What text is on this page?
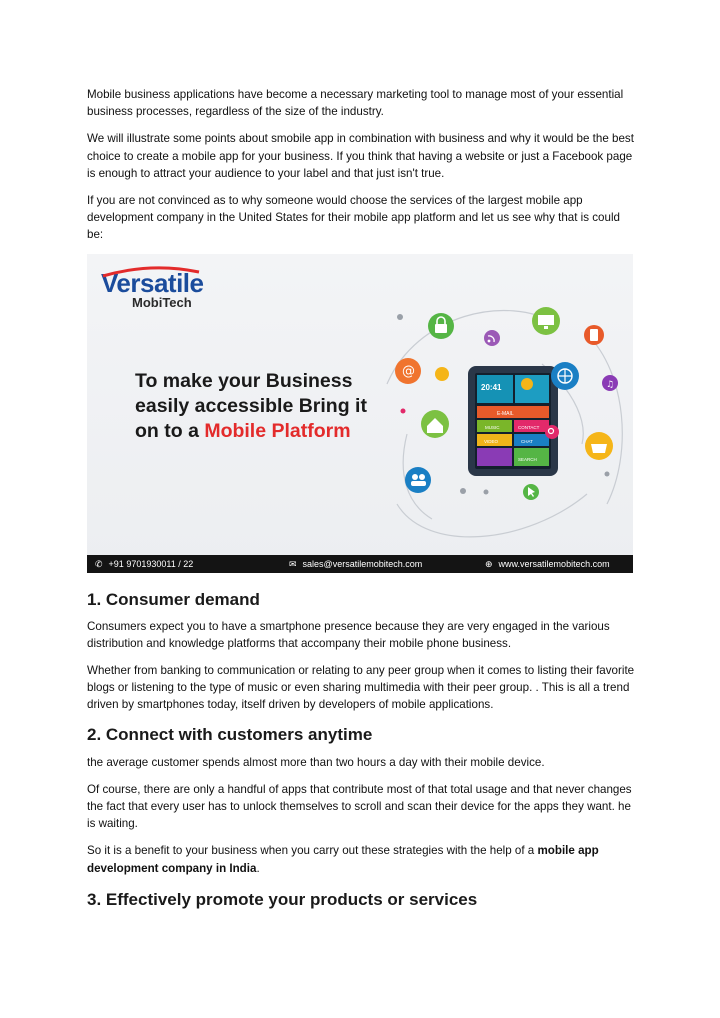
Mobile business applications have become a necessary marketing tool to manage most of your essential business processes, regardless of the size of the industry.

We will illustrate some points about smobile app in combination with business and why it would be the best choice to create a mobile app for your business. If you think that having a website or just a Facebook page is enough to attract your audience to your label and that just isn't true.

If you are not convinced as to why someone would choose the services of the largest mobile app development company in the United States for their mobile app platform and let us see why that is could be:

20:41
E-MAIL
MUSIC	CONTACT
VIDEO	CHAT
SEARCH
@
♫
Versatile
MobiTech
To make your Business
easily accessible Bring it
on to a Mobile Platform
✆ +91 9701930011 / 22	✉ sales@versatilemobitech.com	⊕ www.versatilemobitech.com
1. Consumer demand

Consumers expect you to have a smartphone presence because they are very engaged in the various distribution and knowledge platforms that accompany their mobile phone business.

Whether from banking to communication or relating to any peer group when it comes to listing their favorite blogs or listening to the type of music or even sharing multimedia with their peer group. . This is all a trend driven by smartphones today, itself driven by developers of mobile applications.

2. Connect with customers anytime

the average customer spends almost more than two hours a day with their mobile device.

Of course, there are only a handful of apps that contribute most of that total usage and that never changes the fact that every user has to unlock themselves to scroll and scan their device for the apps they want. he is waiting.

So it is a benefit to your business when you carry out these strategies with the help of a mobile app development company in India.

3. Effectively promote your products or services
